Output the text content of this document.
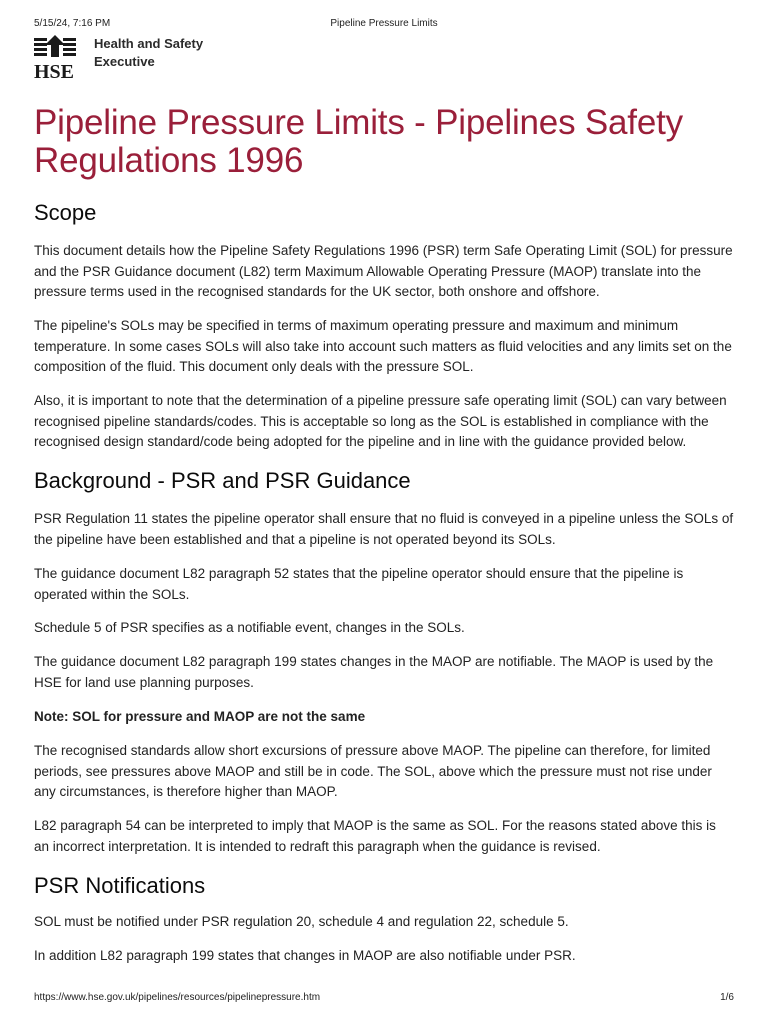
5/15/24, 7:16 PM	Pipeline Pressure Limits
HSE
Health and Safety
Executive
Pipeline Pressure Limits - Pipelines Safety Regulations 1996
Scope

This document details how the Pipeline Safety Regulations 1996 (PSR) term Safe Operating Limit (SOL) for pressure and the PSR Guidance document (L82) term Maximum Allowable Operating Pressure (MAOP) translate into the pressure terms used in the recognised standards for the UK sector, both onshore and offshore.

The pipeline's SOLs may be specified in terms of maximum operating pressure and maximum and minimum temperature. In some cases SOLs will also take into account such matters as fluid velocities and any limits set on the composition of the fluid. This document only deals with the pressure SOL.

Also, it is important to note that the determination of a pipeline pressure safe operating limit (SOL) can vary between recognised pipeline standards/codes. This is acceptable so long as the SOL is established in compliance with the recognised design standard/code being adopted for the pipeline and in line with the guidance provided below.

Background - PSR and PSR Guidance

PSR Regulation 11 states the pipeline operator shall ensure that no fluid is conveyed in a pipeline unless the SOLs of the pipeline have been established and that a pipeline is not operated beyond its SOLs.

The guidance document L82 paragraph 52 states that the pipeline operator should ensure that the pipeline is operated within the SOLs.

Schedule 5 of PSR specifies as a notifiable event, changes in the SOLs.

The guidance document L82 paragraph 199 states changes in the MAOP are notifiable. The MAOP is used by the HSE for land use planning purposes.

Note: SOL for pressure and MAOP are not the same

The recognised standards allow short excursions of pressure above MAOP. The pipeline can therefore, for limited periods, see pressures above MAOP and still be in code. The SOL, above which the pressure must not rise under any circumstances, is therefore higher than MAOP.

L82 paragraph 54 can be interpreted to imply that MAOP is the same as SOL. For the reasons stated above this is an incorrect interpretation. It is intended to redraft this paragraph when the guidance is revised.

PSR Notifications

SOL must be notified under PSR regulation 20, schedule 4 and regulation 22, schedule 5.

In addition L82 paragraph 199 states that changes in MAOP are also notifiable under PSR.

https://www.hse.gov.uk/pipelines/resources/pipelinepressure.htm	1/6
